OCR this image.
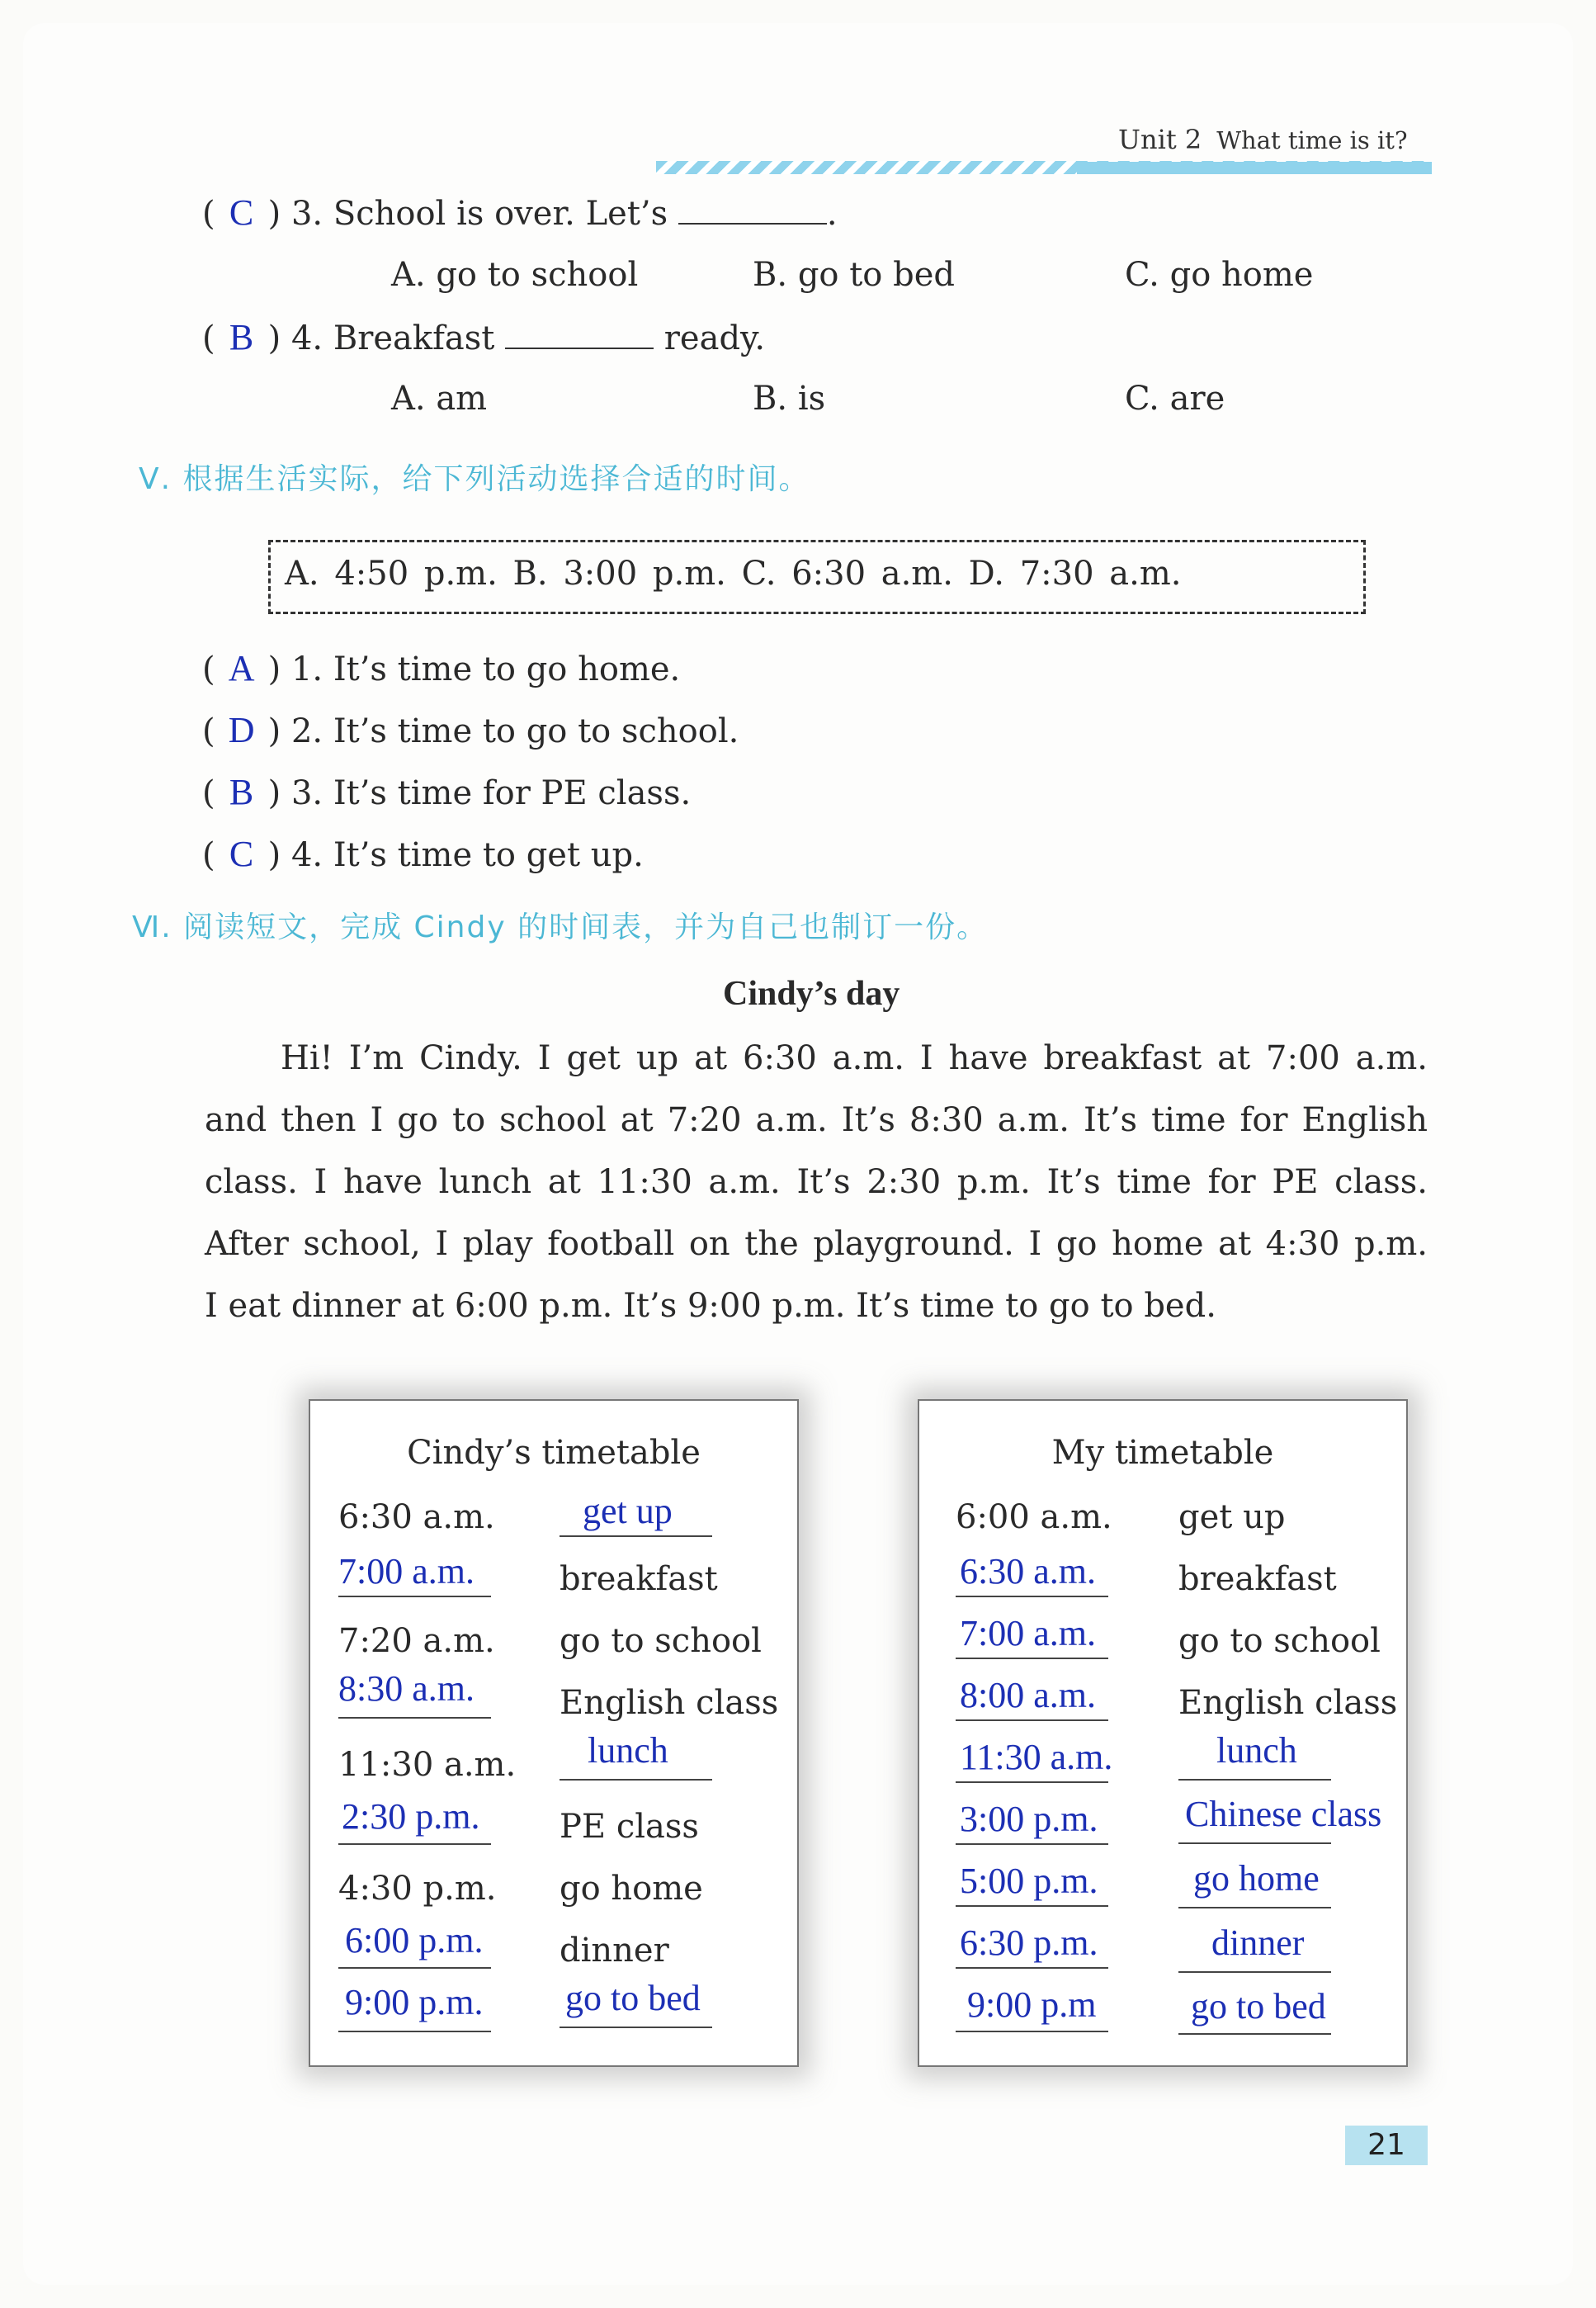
Unit 2 What time is it?
( C ) 3. School is over. Let’s	.
A. go to school	B. go to bed	C. go home
( B ) 4. Breakfast	ready.
A. am	B. is	C. are
Ⅴ. 根据生活实际，给下列活动选择合适的时间。
A. 4:50 p.m. B. 3:00 p.m. C. 6:30 a.m. D. 7:30 a.m.
( A ) 1. It’s time to go home.
( D ) 2. It’s time to go to school.
( B ) 3. It’s time for PE class.
( C ) 4. It’s time to get up.
Ⅵ. 阅读短文，完成 Cindy 的时间表，并为自己也制订一份。
Cindy’s day

Hi! I’m Cindy. I get up at 6:30 a.m. I have breakfast at 7:00 a.m.

and then I go to school at 7:20 a.m. It’s 8:30 a.m. It’s time for English

class. I have lunch at 11:30 a.m. It’s 2:30 p.m. It’s time for PE class.

After school, I play football on the playground. I go home at 4:30 p.m.

I eat dinner at 6:00 p.m. It’s 9:00 p.m. It’s time to go to bed.

Cindy’s timetable
6:30 a.m. get up
7:00 a.m.	breakfast
7:20 a.m. go to school
8:30 a.m.	English class
11:30 a.m. lunch
2:30 p.m. PE class
4:30 p.m. go home
6:00 p.m. dinner
9:00 p.m. go to bed
My timetable
6:00 a.m. get up
6:30 a.m.	breakfast
7:00 a.m.	go to school
8:00 a.m.	English class
11:30 a.m.	lunch
3:00 p.m. Chinese class
5:00 p.m.	go home
6:30 p.m.	dinner
9:00 p.m	go to bed
21
